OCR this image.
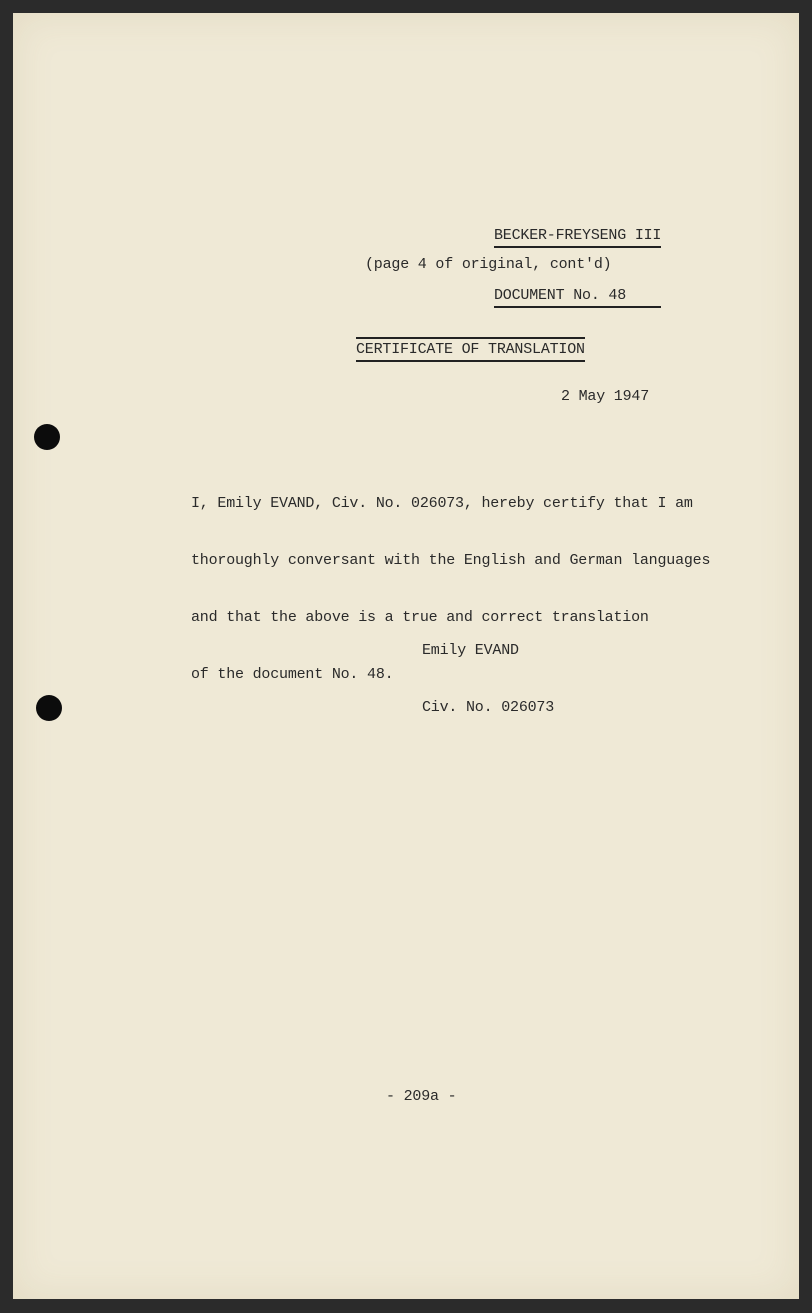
BECKER-FREYSENG III

DOCUMENT No. 48

(page 4 of original, cont'd)
CERTIFICATE OF TRANSLATION
2 May 1947

I, Emily EVAND, Civ. No. 026073, hereby certify that I am

thoroughly conversant with the English and German languages

and that the above is a true and correct translation

of the document No. 48.

Emily EVAND

Civ. No. 026073

- 209a -
